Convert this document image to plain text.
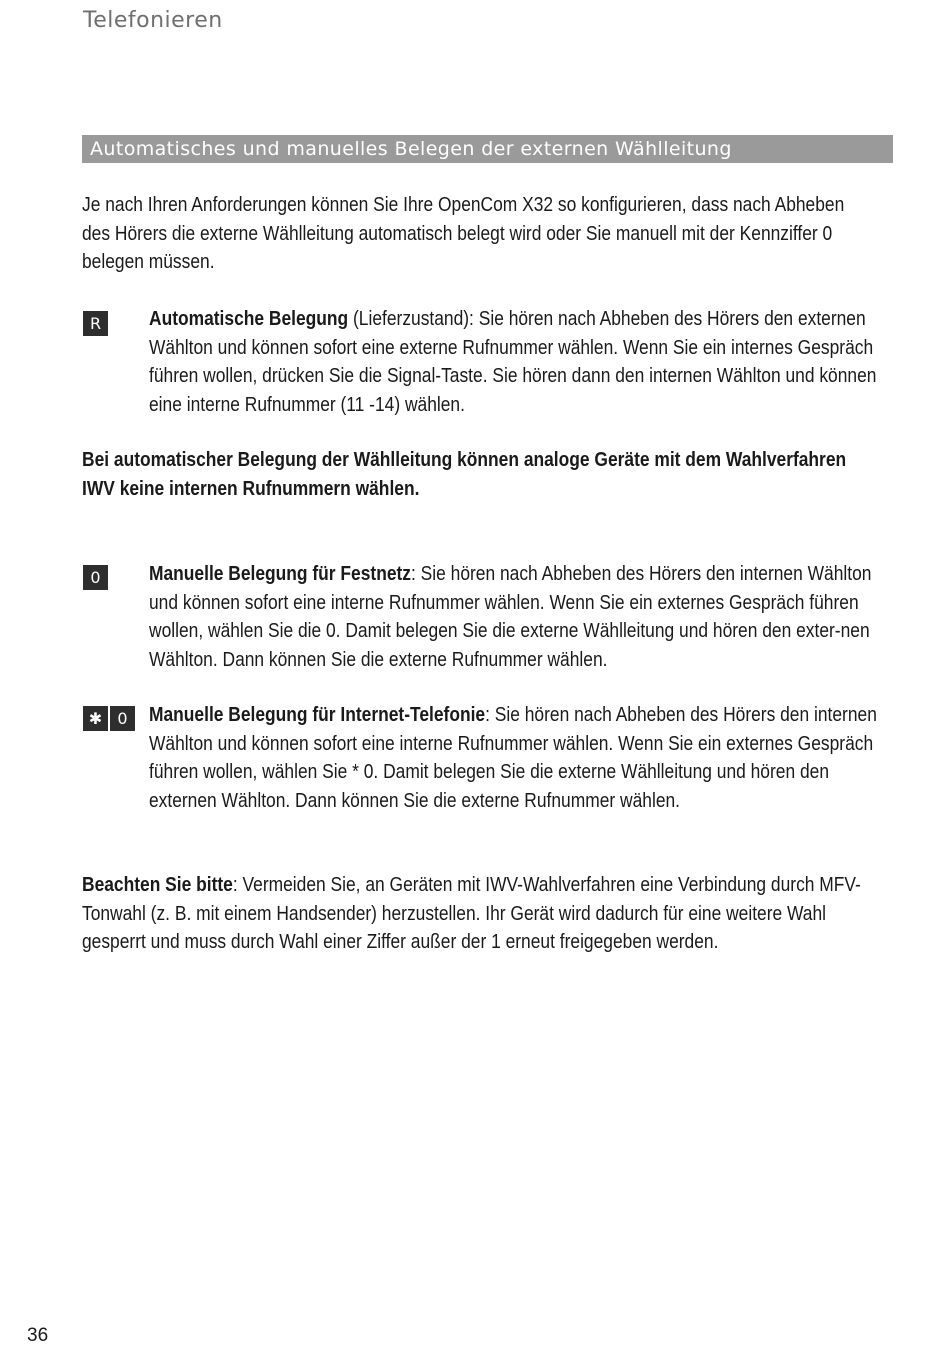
Telefonieren
Automatisches und manuelles Belegen der externen Wählleitung
Je nach Ihren Anforderungen können Sie Ihre OpenCom X32 so konfigurieren, dass nach Abheben des Hörers die externe Wählleitung automatisch belegt wird oder Sie manuell mit der Kennziffer 0 belegen müssen.
R	Automatische Belegung (Lieferzustand): Sie hören nach Abheben des Hörers den externen Wählton und können sofort eine externe Rufnummer wählen. Wenn Sie ein internes Gespräch führen wollen, drücken Sie die Signal-Taste. Sie hören dann den internen Wählton und können eine interne Rufnummer (11 -14) wählen.
Bei automatischer Belegung der Wählleitung können analoge Geräte mit dem Wahlverfahren IWV keine internen Rufnummern wählen.
0	Manuelle Belegung für Festnetz: Sie hören nach Abheben des Hörers den internen Wählton und können sofort eine interne Rufnummer wählen. Wenn Sie ein externes Gespräch führen wollen, wählen Sie die 0. Damit belegen Sie die externe Wählleitung und hören den exter-nen Wählton. Dann können Sie die externe Rufnummer wählen.
✱ 0	Manuelle Belegung für Internet-Telefonie: Sie hören nach Abheben des Hörers den internen Wählton und können sofort eine interne Rufnummer wählen. Wenn Sie ein externes Gespräch führen wollen, wählen Sie * 0. Damit belegen Sie die externe Wählleitung und hören den externen Wählton. Dann können Sie die externe Rufnummer wählen.
Beachten Sie bitte: Vermeiden Sie, an Geräten mit IWV-Wahlverfahren eine Verbindung durch MFV-Tonwahl (z. B. mit einem Handsender) herzustellen. Ihr Gerät wird dadurch für eine weitere Wahl gesperrt und muss durch Wahl einer Ziffer außer der 1 erneut freigegeben werden.
36
